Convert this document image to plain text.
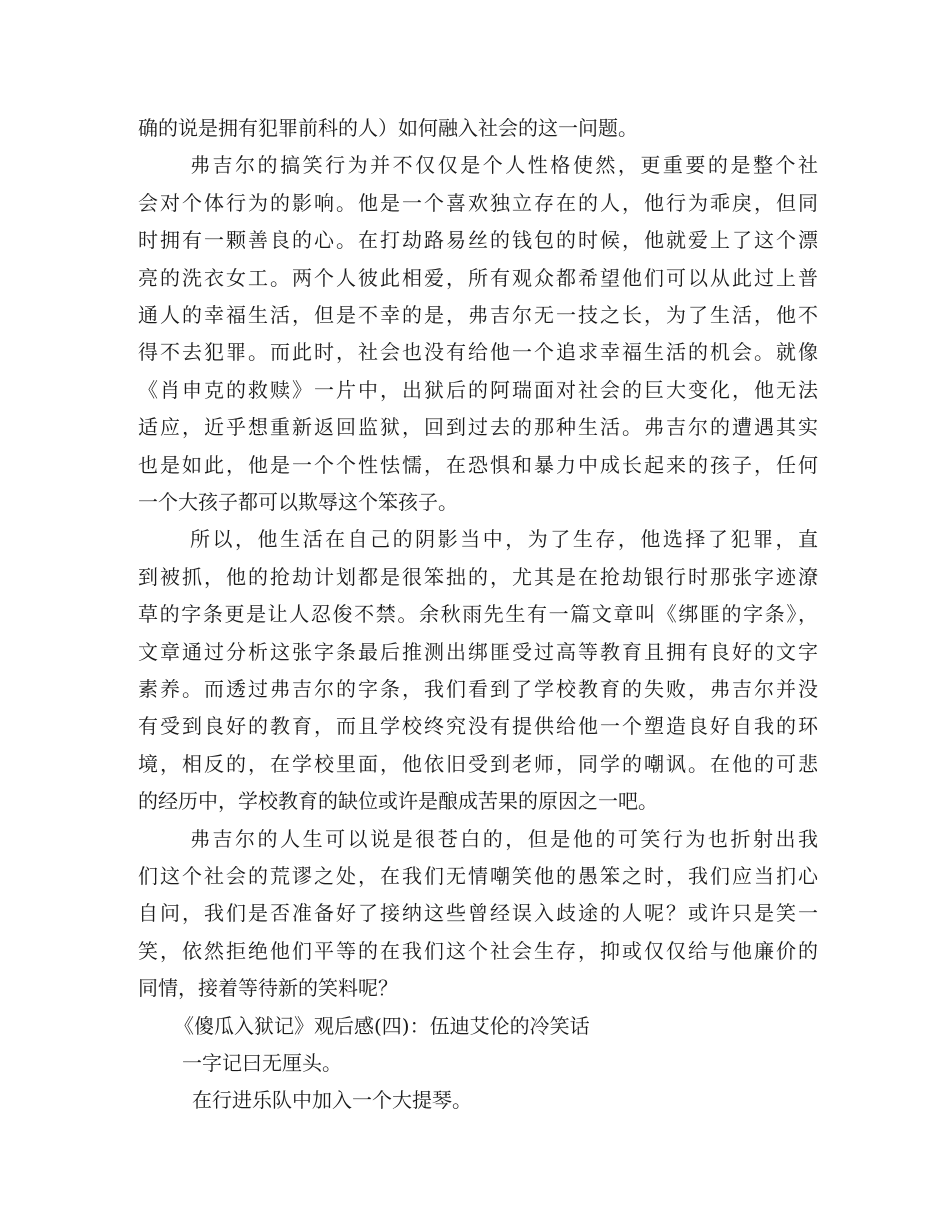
确的说是拥有犯罪前科的人）如何融入社会的这一问题。
弗吉尔的搞笑行为并不仅仅是个人性格使然，更重要的是整个社
会对个体行为的影响。他是一个喜欢独立存在的人，他行为乖戾，但同
时拥有一颗善良的心。在打劫路易丝的钱包的时候，他就爱上了这个漂
亮的洗衣女工。两个人彼此相爱，所有观众都希望他们可以从此过上普
通人的幸福生活，但是不幸的是，弗吉尔无一技之长，为了生活，他不
得不去犯罪。而此时，社会也没有给他一个追求幸福生活的机会。就像
《肖申克的救赎》一片中，出狱后的阿瑞面对社会的巨大变化，他无法
适应，近乎想重新返回监狱，回到过去的那种生活。弗吉尔的遭遇其实
也是如此，他是一个个性怯懦，在恐惧和暴力中成长起来的孩子，任何
一个大孩子都可以欺辱这个笨孩子。
所以，他生活在自己的阴影当中，为了生存，他选择了犯罪，直
到被抓，他的抢劫计划都是很笨拙的，尤其是在抢劫银行时那张字迹潦
草的字条更是让人忍俊不禁。余秋雨先生有一篇文章叫《绑匪的字条》，
文章通过分析这张字条最后推测出绑匪受过高等教育且拥有良好的文字
素养。而透过弗吉尔的字条，我们看到了学校教育的失败，弗吉尔并没
有受到良好的教育，而且学校终究没有提供给他一个塑造良好自我的环
境，相反的，在学校里面，他依旧受到老师，同学的嘲讽。在他的可悲
的经历中，学校教育的缺位或许是酿成苦果的原因之一吧。
弗吉尔的人生可以说是很苍白的，但是他的可笑行为也折射出我
们这个社会的荒谬之处，在我们无情嘲笑他的愚笨之时，我们应当扪心
自问，我们是否准备好了接纳这些曾经误入歧途的人呢？或许只是笑一
笑，依然拒绝他们平等的在我们这个社会生存，抑或仅仅给与他廉价的
同情，接着等待新的笑料呢？
《傻瓜入狱记》观后感(四)：伍迪艾伦的冷笑话
一字记曰无厘头。
在行进乐队中加入一个大提琴。
